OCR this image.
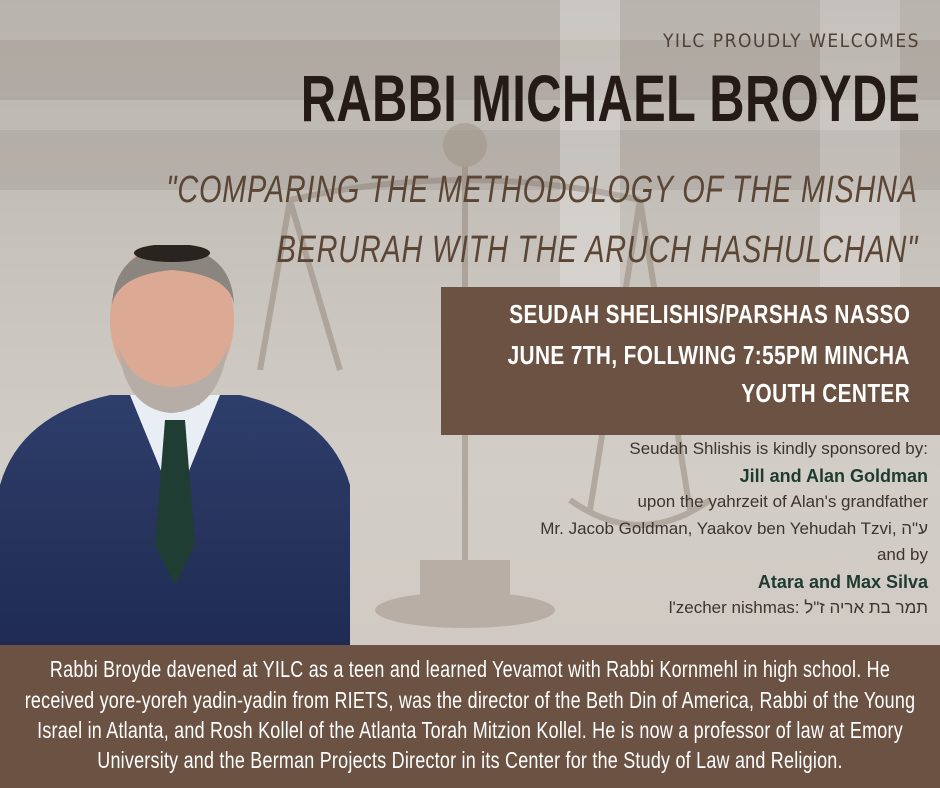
YILC PROUDLY WELCOMES
RABBI MICHAEL BROYDE
"COMPARING THE METHODOLOGY OF THE MISHNA
BERURAH WITH THE ARUCH HASHULCHAN"
SEUDAH SHELISHIS/PARSHAS NASSO
JUNE 7TH, FOLLWING 7:55PM MINCHA
YOUTH CENTER
Seudah Shlishis is kindly sponsored by:
Jill and Alan Goldman
upon the yahrzeit of Alan's grandfather
Mr. Jacob Goldman, Yaakov ben Yehudah Tzvi, ע"ה
and by
Atara and Max Silva
l'zecher nishmas: תמר בת אריה ז"ל
Rabbi Broyde davened at YILC as a teen and learned Yevamot with Rabbi Kornmehl in high school. He
received yore-yoreh yadin-yadin from RIETS, was the director of the Beth Din of America, Rabbi of the Young
Israel in Atlanta, and Rosh Kollel of the Atlanta Torah Mitzion Kollel. He is now a professor of law at Emory
University and the Berman Projects Director in its Center for the Study of Law and Religion.
